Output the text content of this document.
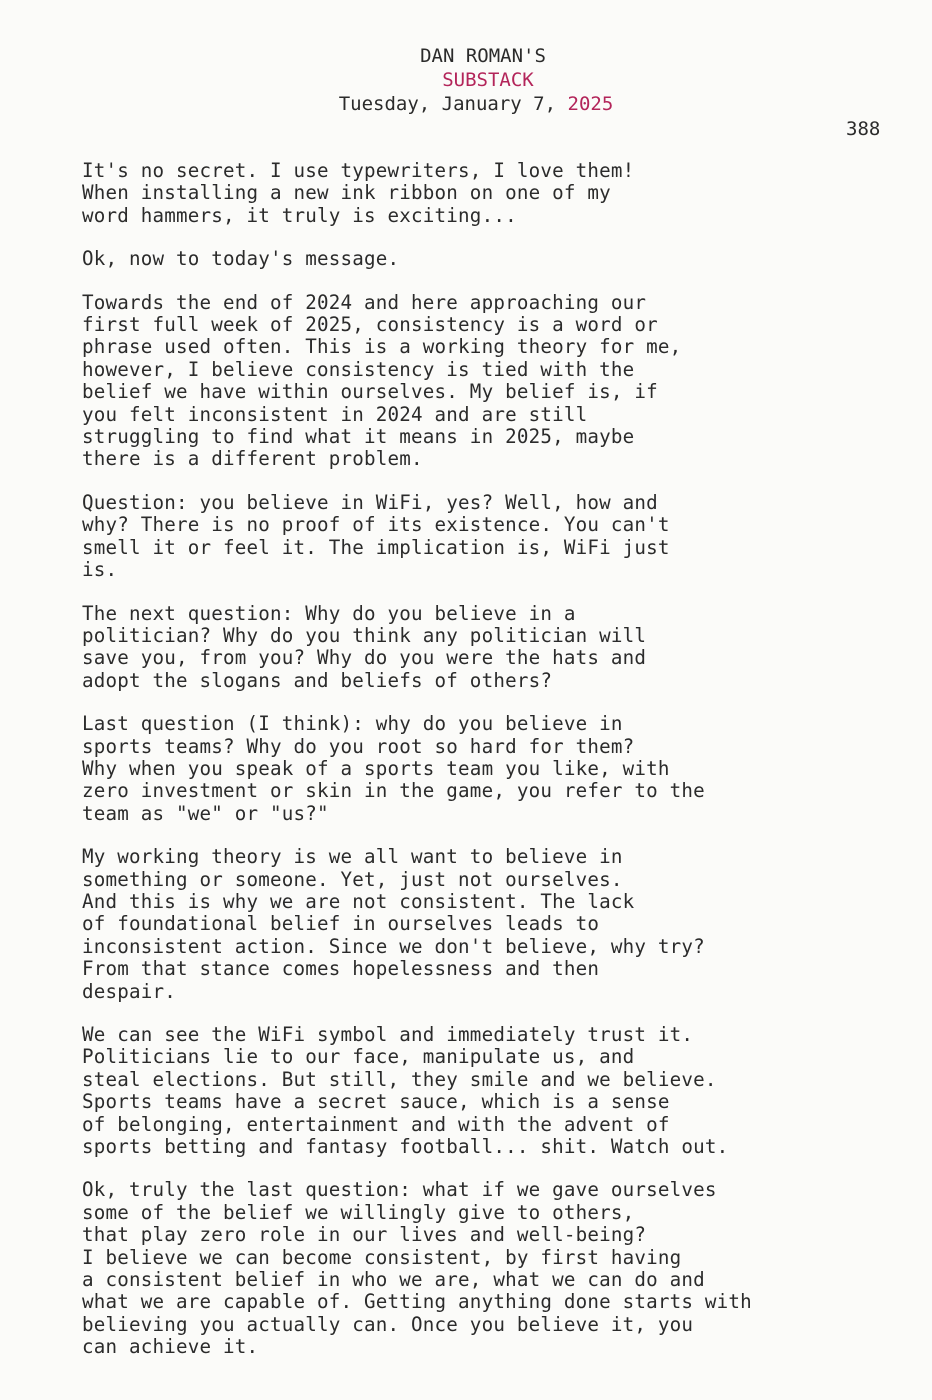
DAN ROMAN'S
SUBSTACK
Tuesday, January 7, 2025
388
It's no secret. I use typewriters, I love them!
When installing a new ink ribbon on one of my
word hammers, it truly is exciting...
Ok, now to today's message.
Towards the end of 2024 and here approaching our
first full week of 2025, consistency is a word or
phrase used often. This is a working theory for me,
however, I believe consistency is tied with the
belief we have within ourselves. My belief is, if
you felt inconsistent in 2024 and are still
struggling to find what it means in 2025, maybe
there is a different problem.
Question: you believe in WiFi, yes? Well, how and
why? There is no proof of its existence. You can't
smell it or feel it. The implication is, WiFi just
is.
The next question: Why do you believe in a
politician? Why do you think any politician will
save you, from you? Why do you were the hats and
adopt the slogans and beliefs of others?
Last question (I think): why do you believe in
sports teams? Why do you root so hard for them?
Why when you speak of a sports team you like, with
zero investment or skin in the game, you refer to the
team as "we" or "us?"
My working theory is we all want to believe in
something or someone. Yet, just not ourselves.
And this is why we are not consistent. The lack
of foundational belief in ourselves leads to
inconsistent action. Since we don't believe, why try?
From that stance comes hopelessness and then
despair.
We can see the WiFi symbol and immediately trust it.
Politicians lie to our face, manipulate us, and
steal elections. But still, they smile and we believe.
Sports teams have a secret sauce, which is a sense
of belonging, entertainment and with the advent of
sports betting and fantasy football... shit. Watch out.
Ok, truly the last question: what if we gave ourselves
some of the belief we willingly give to others,
that play zero role in our lives and well-being?
I believe we can become consistent, by first having
a consistent belief in who we are, what we can do and
what we are capable of. Getting anything done starts with
believing you actually can. Once you believe it, you
can achieve it.
